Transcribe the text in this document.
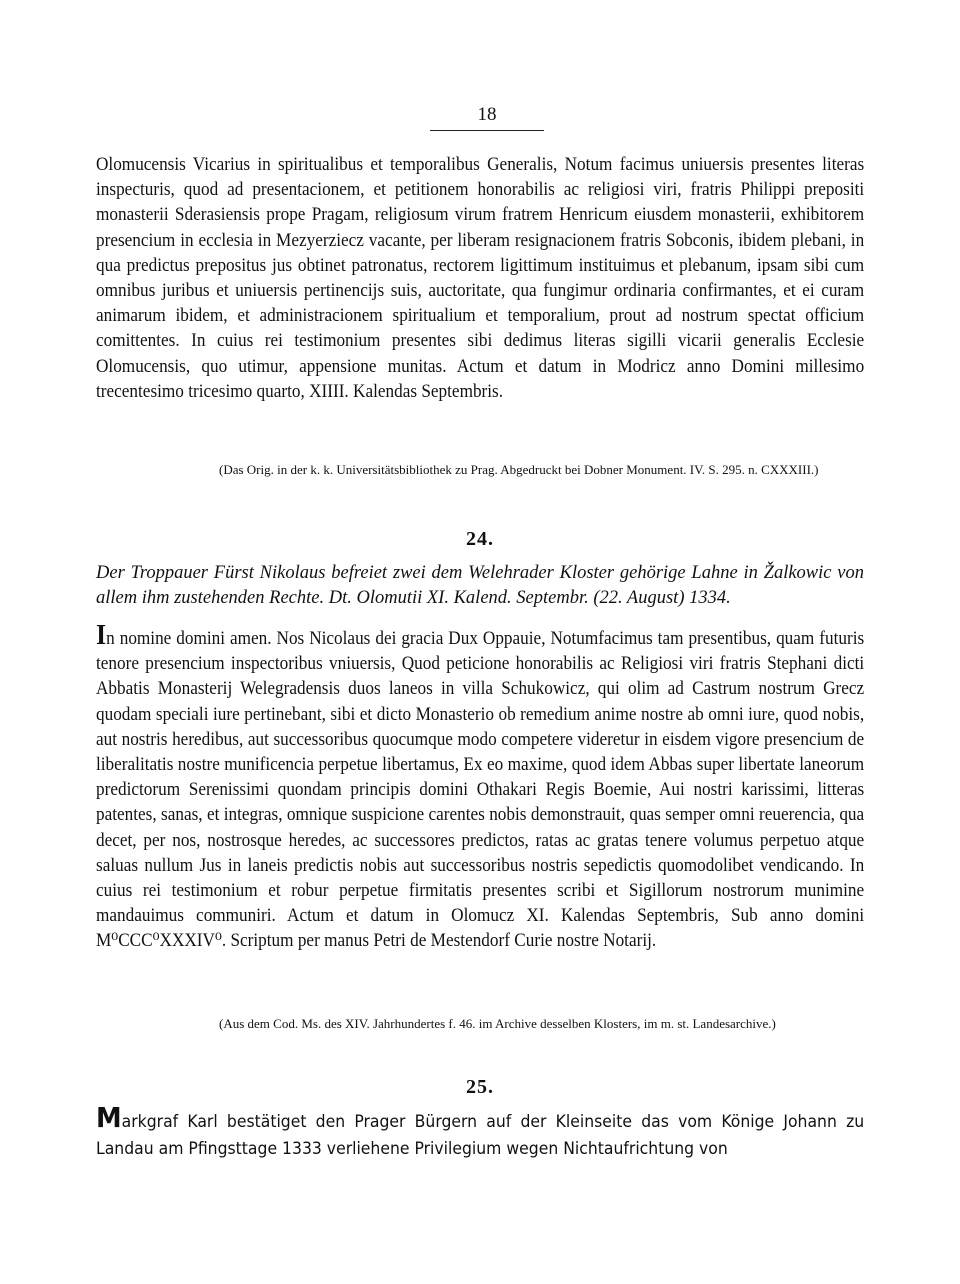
18

Olomucensis Vicarius in spiritualibus et temporalibus Generalis, Notum facimus uniuersis presentes literas inspecturis, quod ad presentacionem, et petitionem honorabilis ac religiosi viri, fratris Philippi prepositi monasterii Sderasiensis prope Pragam, religiosum virum fratrem Henricum eiusdem monasterii, exhibitorem presencium in ecclesia in Mezyerziecz vacante, per liberam resignacionem fratris Sobconis, ibidem plebani, in qua predictus prepositus jus obtinet patronatus, rectorem ligittimum instituimus et plebanum, ipsam sibi cum omnibus juribus et uniuersis pertinencijs suis, auctoritate, qua fungimur ordinaria confirmantes, et ei curam animarum ibidem, et administracionem spiritualium et temporalium, prout ad nostrum spectat officium comittentes. In cuius rei testimonium presentes sibi dedimus literas sigilli vicarii generalis Ecclesie Olomucensis, quo utimur, appensione munitas. Actum et datum in Modricz anno Domini millesimo trecentesimo tricesimo quarto, XIIII. Kalendas Septembris.

(Das Orig. in der k. k. Universitätsbibliothek zu Prag. Abgedruckt bei Dobner Monument. IV. S. 295. n. CXXXIII.)

24.

Der Troppauer Fürst Nikolaus befreiet zwei dem Welehrader Kloster gehörige Lahne in Žalkowic von allem ihm zustehenden Rechte. Dt. Olomutii XI. Kalend. Septembr. (22. August) 1334.

In nomine domini amen. Nos Nicolaus dei gracia Dux Oppauie, Notumfacimus tam presentibus, quam futuris tenore presencium inspectoribus vniuersis, Quod peticione honorabilis ac Religiosi viri fratris Stephani dicti Abbatis Monasterij Welegradensis duos laneos in villa Schukowicz, qui olim ad Castrum nostrum Grecz quodam speciali iure pertinebant, sibi et dicto Monasterio ob remedium anime nostre ab omni iure, quod nobis, aut nostris heredibus, aut successoribus quocumque modo competere videretur in eisdem vigore presencium de liberalitatis nostre munificencia perpetue libertamus, Ex eo maxime, quod idem Abbas super libertate laneorum predictorum Serenissimi quondam principis domini Othakari Regis Boemie, Aui nostri karissimi, litteras patentes, sanas, et integras, omnique suspicione carentes nobis demonstrauit, quas semper omni reuerencia, qua decet, per nos, nostrosque heredes, ac successores predictos, ratas ac gratas tenere volumus perpetuo atque saluas nullum Jus in laneis predictis nobis aut successoribus nostris sepedictis quomodolibet vendicando. In cuius rei testimonium et robur perpetue firmitatis presentes scribi et Sigillorum nostrorum munimine mandauimus communiri. Actum et datum in Olomucz XI. Kalendas Septembris, Sub anno domini M⁰CCC⁰XXXIV⁰. Scriptum per manus Petri de Mestendorf Curie nostre Notarij.

(Aus dem Cod. Ms. des XIV. Jahrhundertes f. 46. im Archive desselben Klosters, im m. st. Landesarchive.)

25.

Markgraf Karl bestätiget den Prager Bürgern auf der Kleinseite das vom Könige Johann zu Landau am Pfingsttage 1333 verliehene Privilegium wegen Nichtaufrichtung von
